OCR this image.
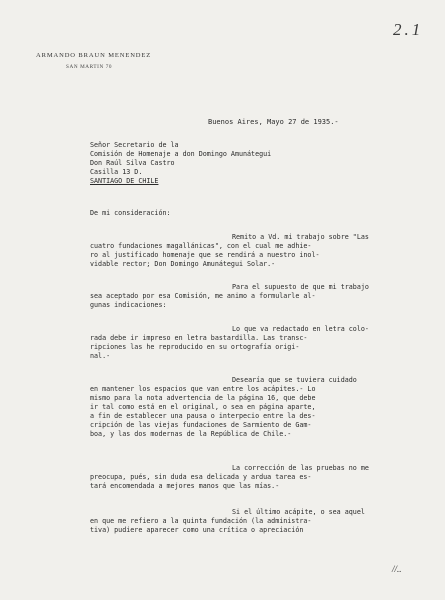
2.1
ARMANDO BRAUN MENENDEZ
SAN MARTIN 70
Buenos Aires, Mayo 27 de 1935.-
Señor Secretario de la
Comisión de Homenaje a don Domingo Amunátegui
Don Raúl Silva Castro
Casilla 13 D.
SANTIAGO DE CHILE
De mi consideración:
Remito a Vd. mi trabajo sobre "Las
cuatro fundaciones magallánicas", con el cual me adhie-
ro al justificado homenaje que se rendirá a nuestro inol-
vidable rector; Don Domingo Amunátegui Solar.-
Para el supuesto de que mi trabajo
sea aceptado por esa Comisión, me animo a formularle al-
gunas indicaciones:
Lo que va redactado en letra colo-
rada debe ir impreso en letra bastardilla. Las transc-
ripciones las he reproducido en su ortografía origi-
nal.-
Desearía que se tuviera cuidado
en mantener los espacios que van entre los acápites.- Lo
mismo para la nota advertencia de la página 16, que debe
ir tal como está en el original, o sea en página aparte,
a fin de establecer una pausa o interpecio entre la des-
cripción de las viejas fundaciones de Sarmiento de Gam-
boa, y las dos modernas de la República de Chile.-
La corrección de las pruebas no me
preocupa, pués, sin duda esa delicada y ardua tarea es-
tará encomendada a mejores manos que las mías.-
Si el último acápite, o sea aquel
en que me refiero a la quinta fundación (la administra-
tiva) pudiere aparecer como una crítica o apreciación
//..
